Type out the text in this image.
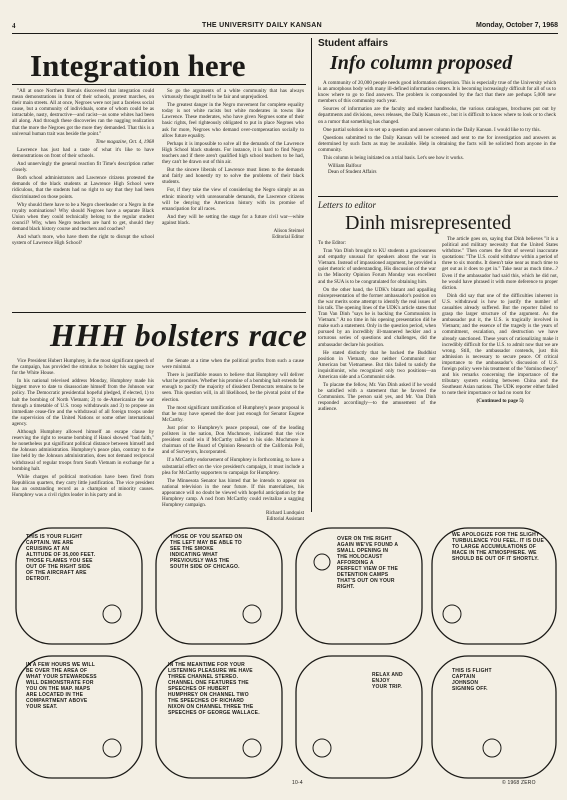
4	THE UNIVERSITY DAILY KANSAN	Monday, October 7, 1968
Integration here

"All at once Northern liberals discovered that integration could mean demonstrations in front of their schools, protest marches, on their main streets. All at once, Negroes were not just a faceless social cause, but a community of individuals, some of whom could be as intractable, nasty, destructive—and racist—as some whites had been all along. And through these discoveries ran the nagging realization that the more the Negroes got the more they demanded. That this is a universal human trait was beside the point."

Time magazine, Oct. 4, 1968

Lawrence has just had a taste of what it's like to have demonstrations on front of their schools.

And unnervingly the general reaction fit Time's description rather closely.

Both school administrators and Lawrence citizens protested the demands of the black students at Lawrence High School were ridiculous, that the students had no right to say that they had been discriminated on those points.

Why should there have to be a Negro cheerleader or a Negro in the royalty nominations? Why should Negroes have a separate Black Union when they could technically belong to the regular student council? Why, when Negro teachers are hard to get, should they demand black history course and teachers and coaches?

And what's more, who have them the right to disrupt the school system of Lawrence High School?

So go the arguments of a white community that has always virtuously thought itself to be fair and unprejudiced.

The greatest danger in the Negro movement for complete equality today is not white racists but white moderates in towns like Lawrence. These moderates, who have given Negroes some of their basic rights, feel righteously obligated to put in place Negroes who ask for more, Negroes who demand over-compensation socially to allow future equality.

Perhaps it is impossible to solve all the demands of the Lawrence High School black students. For instance, it is hard to find Negro teachers and if there aren't qualified high school teachers to be had, they can't be drawn out of thin air.

But the sincere liberals of Lawrence must listen to the demands and fairly and honestly try to solve the problems of their black students.

For, if they take the view of considering the Negro simply as an ethnic minority with unreasonable demands, the Lawrence citizens will be denying the American history with its promise of emancipation for all races.

And they will be setting the stage for a future civil war—white against black.

Alison Steimel
Editorial Editor
Student affairs
Info column proposed

A community of 20,000 people needs good information dispersion. This is especially true of the University which is an amorphous body with many ill-defined information centers. It is becoming increasingly difficult for all of us to know where to go to find answers. The problem is compounded by the fact that there are perhaps 5,000 new members of this community each year.

Sources of information are the faculty and student handbooks, the various catalogues, brochures put out by departments and divisions, news releases, the Daily Kansan etc., but it is difficult to know where to look or to check on a rumor that something has changed.

One partial solution is to set up a question and answer column in the Daily Kansan. I would like to try this.

Questions submitted to the Daily Kansan will be screened and sent to me for investigation and answers as determined by such facts as may be available. Help in obtaining the facts will be solicited from anyone in the community.

This column is being initiated on a trial basis. Let's see how it works.

William Balfour
Dean of Student Affairs
Letters to editor
Dinh misrepresented

To the Editor:

Tran Van Dinh brought to KU students a graciousness and empathy unusual for speakers about the war in Vietnam. Instead of impassioned argument, he provided a quiet rhetoric of understanding. His discussion of the war in the Minority Opinion Forum Monday was excellent and the SUA is to be congratulated for obtaining him.

On the other hand, the UDK's blatant and appalling misrepresentation of the former ambassador's position on the war merits some attempt to identify the real issues of his talk. The opening lines of the UDK's article states that Tran Van Dinh "says he is backing the Communists in Vietnam." At no time in his opening presentation did he make such a statement. Only in the question period, when pursued by an incredibly ill-mannered heckler and a torturous series of questions and challenges, did the ambassador declare his position.

He stated distinctly that he backed the Buddhist position in Vietnam, one neither Communist nor American but Vietnamese. But this failed to satisfy the inquisitionist, who recognized only two positions—an American side and a Communist side.

To placate the fellow, Mr. Van Dinh asked if he would be satisfied with a statement that he favored the Communists. The person said yes, and Mr. Van Dinh responded accordingly—to the amusement of the audience.

The article goes on, saying that Dinh believes "it is a political and military necessity that the United States withdraw." Then comes the first of several inaccurate quotations: "The U.S. could withdraw within a period of three to six months. It doesn't take near as much time to get out as it does to get in." Take near as much time...? Even if the ambassador had said this, which he did not, he would have phrased it with more deference to proper diction.

Dinh did say that one of the difficulties inherent in U.S. withdrawal is how to justify the number of casualties already suffered. But the reporter failed to grasp the larger structure of the argument. As the ambassador put it, the U.S. is tragically involved in Vietnam; and the essence of the tragedy is the years of commitment, escalation, and destruction we have already sanctioned. These years of rationalizing make it incredibly difficult for the U.S. to admit now that we are wrong. Still, the ambassador contends, just this admission is necessary to secure peace. Of critical importance to the ambassador's discussion of U.S. foreign policy were his treatment of the "domino theory" and his remarks concerning the importance of the tributary system existing between China and the Southeast Asian nations. The UDK reporter either failed to note their importance or had no room for

(Continued to page 5)
HHH bolsters race

Vice President Hubert Humphrey, in the most significant speech of the campaign, has provided the stimulus to bolster his sagging race for the White House.

In his national televised address Monday, Humphrey made his biggest move to date to disassociate himself from the Johnson war policy. The Democratic presidential hopeful pledged, if elected, 1) to halt the bombing of North Vietnam; 2) to de-Americanize the war through a timetable of U.S. troop withdrawals and 3) to propose an immediate cease-fire and the withdrawal of all foreign troops under the supervision of the United Nations or some other international agency.

Although Humphrey allowed himself an escape clause by reserving the right to resume bombing if Hanoi showed "bad faith," he nonetheless put significant political distance between himself and the Johnson administration. Humphrey's peace plan, contrary to the line held by the Johnson administration, does not demand reciprocal withdrawal of regular troops from South Vietnam in exchange for a bombing halt.

While charges of political motivation have been fired from Republican quarters, they carry little justification. The vice president has an outstanding record as a champion of minority causes. Humphrey was a civil rights leader in his party and in

the Senate at a time when the political profits from such a cause were minimal.

There is justifiable reason to believe that Humphrey will deliver what he promises. Whether his promise of a bombing halt extends far enough to pacify the majority of dissident Democrats remains to be seen. This question will, in all likelihood, be the pivotal point of the election.

The most significant ramification of Humphrey's peace proposal is that he may have opened the door just enough for Senator Eugene McCarthy.

Just prior to Humphrey's peace proposal, one of the leading pollsters in the nation, Don Muchmore, indicated that the vice president could win if McCarthy rallied to his side. Muchmore is chairman of the Board of Opinion Research of the California Poll, and of Surveyors, Incorporated.

If a McCarthy endorsement of Humphrey is forthcoming, to have a substantial effect on the vice president's campaign, it must include a plea for McCarthy supporters to campaign for Humphrey.

The Minnesota Senator has hinted that he intends to appear on national television in the near future. If this materializes, his appearance will no doubt be viewed with hopeful anticipation by the Humphrey camp. A nod from McCarthy could revitalize a sagging Humphrey campaign.

Richard Lundquist
Editorial Assistant
THIS IS YOUR FLIGHT CAPTAIN. WE ARE CRUISING AT AN ALTITUDE OF 35,000 FEET. THOSE FLAMES YOU SEE OUT OF THE RIGHT SIDE OF THE AIRCRAFT ARE DETROIT.
THOSE OF YOU SEATED ON THE LEFT MAY BE ABLE TO SEE THE SMOKE INDICATING WHAT PREVIOUSLY WAS THE SOUTH SIDE OF CHICAGO.
OVER ON THE RIGHT AGAIN WE'VE FOUND A SMALL OPENING IN THE HOLOCAUST AFFORDING A PERFECT VIEW OF THE DETENTION CAMPS THAT'S OUT ON YOUR RIGHT.
WE APOLOGIZE FOR THE SLIGHT TURBULENCE YOU FEEL. IT IS DUE TO LARGE ACCUMULATIONS OF MACE IN THE ATMOSPHERE. WE SHOULD BE OUT OF IT SHORTLY.
IN A FEW HOURS WE WILL BE OVER THE AREA OF WHAT YOUR STEWARDESS WILL DEMONSTRATE FOR YOU ON THE MAP. MAPS ARE LOCATED IN THE COMPARTMENT ABOVE YOUR SEAT.
IN THE MEANTIME FOR YOUR LISTENING PLEASURE WE HAVE THREE CHANNEL STEREO. CHANNEL ONE FEATURES THE SPEECHES OF HUBERT HUMPHREY ON CHANNEL TWO THE SPEECHES OF RICHARD NIXON ON CHANNEL THREE THE SPEECHES OF GEORGE WALLACE.
RELAX AND ENJOY YOUR TRIP.
THIS IS FLIGHT CAPTAIN JOHNSON SIGNING OFF.
10-4	© 1968 ZERO
